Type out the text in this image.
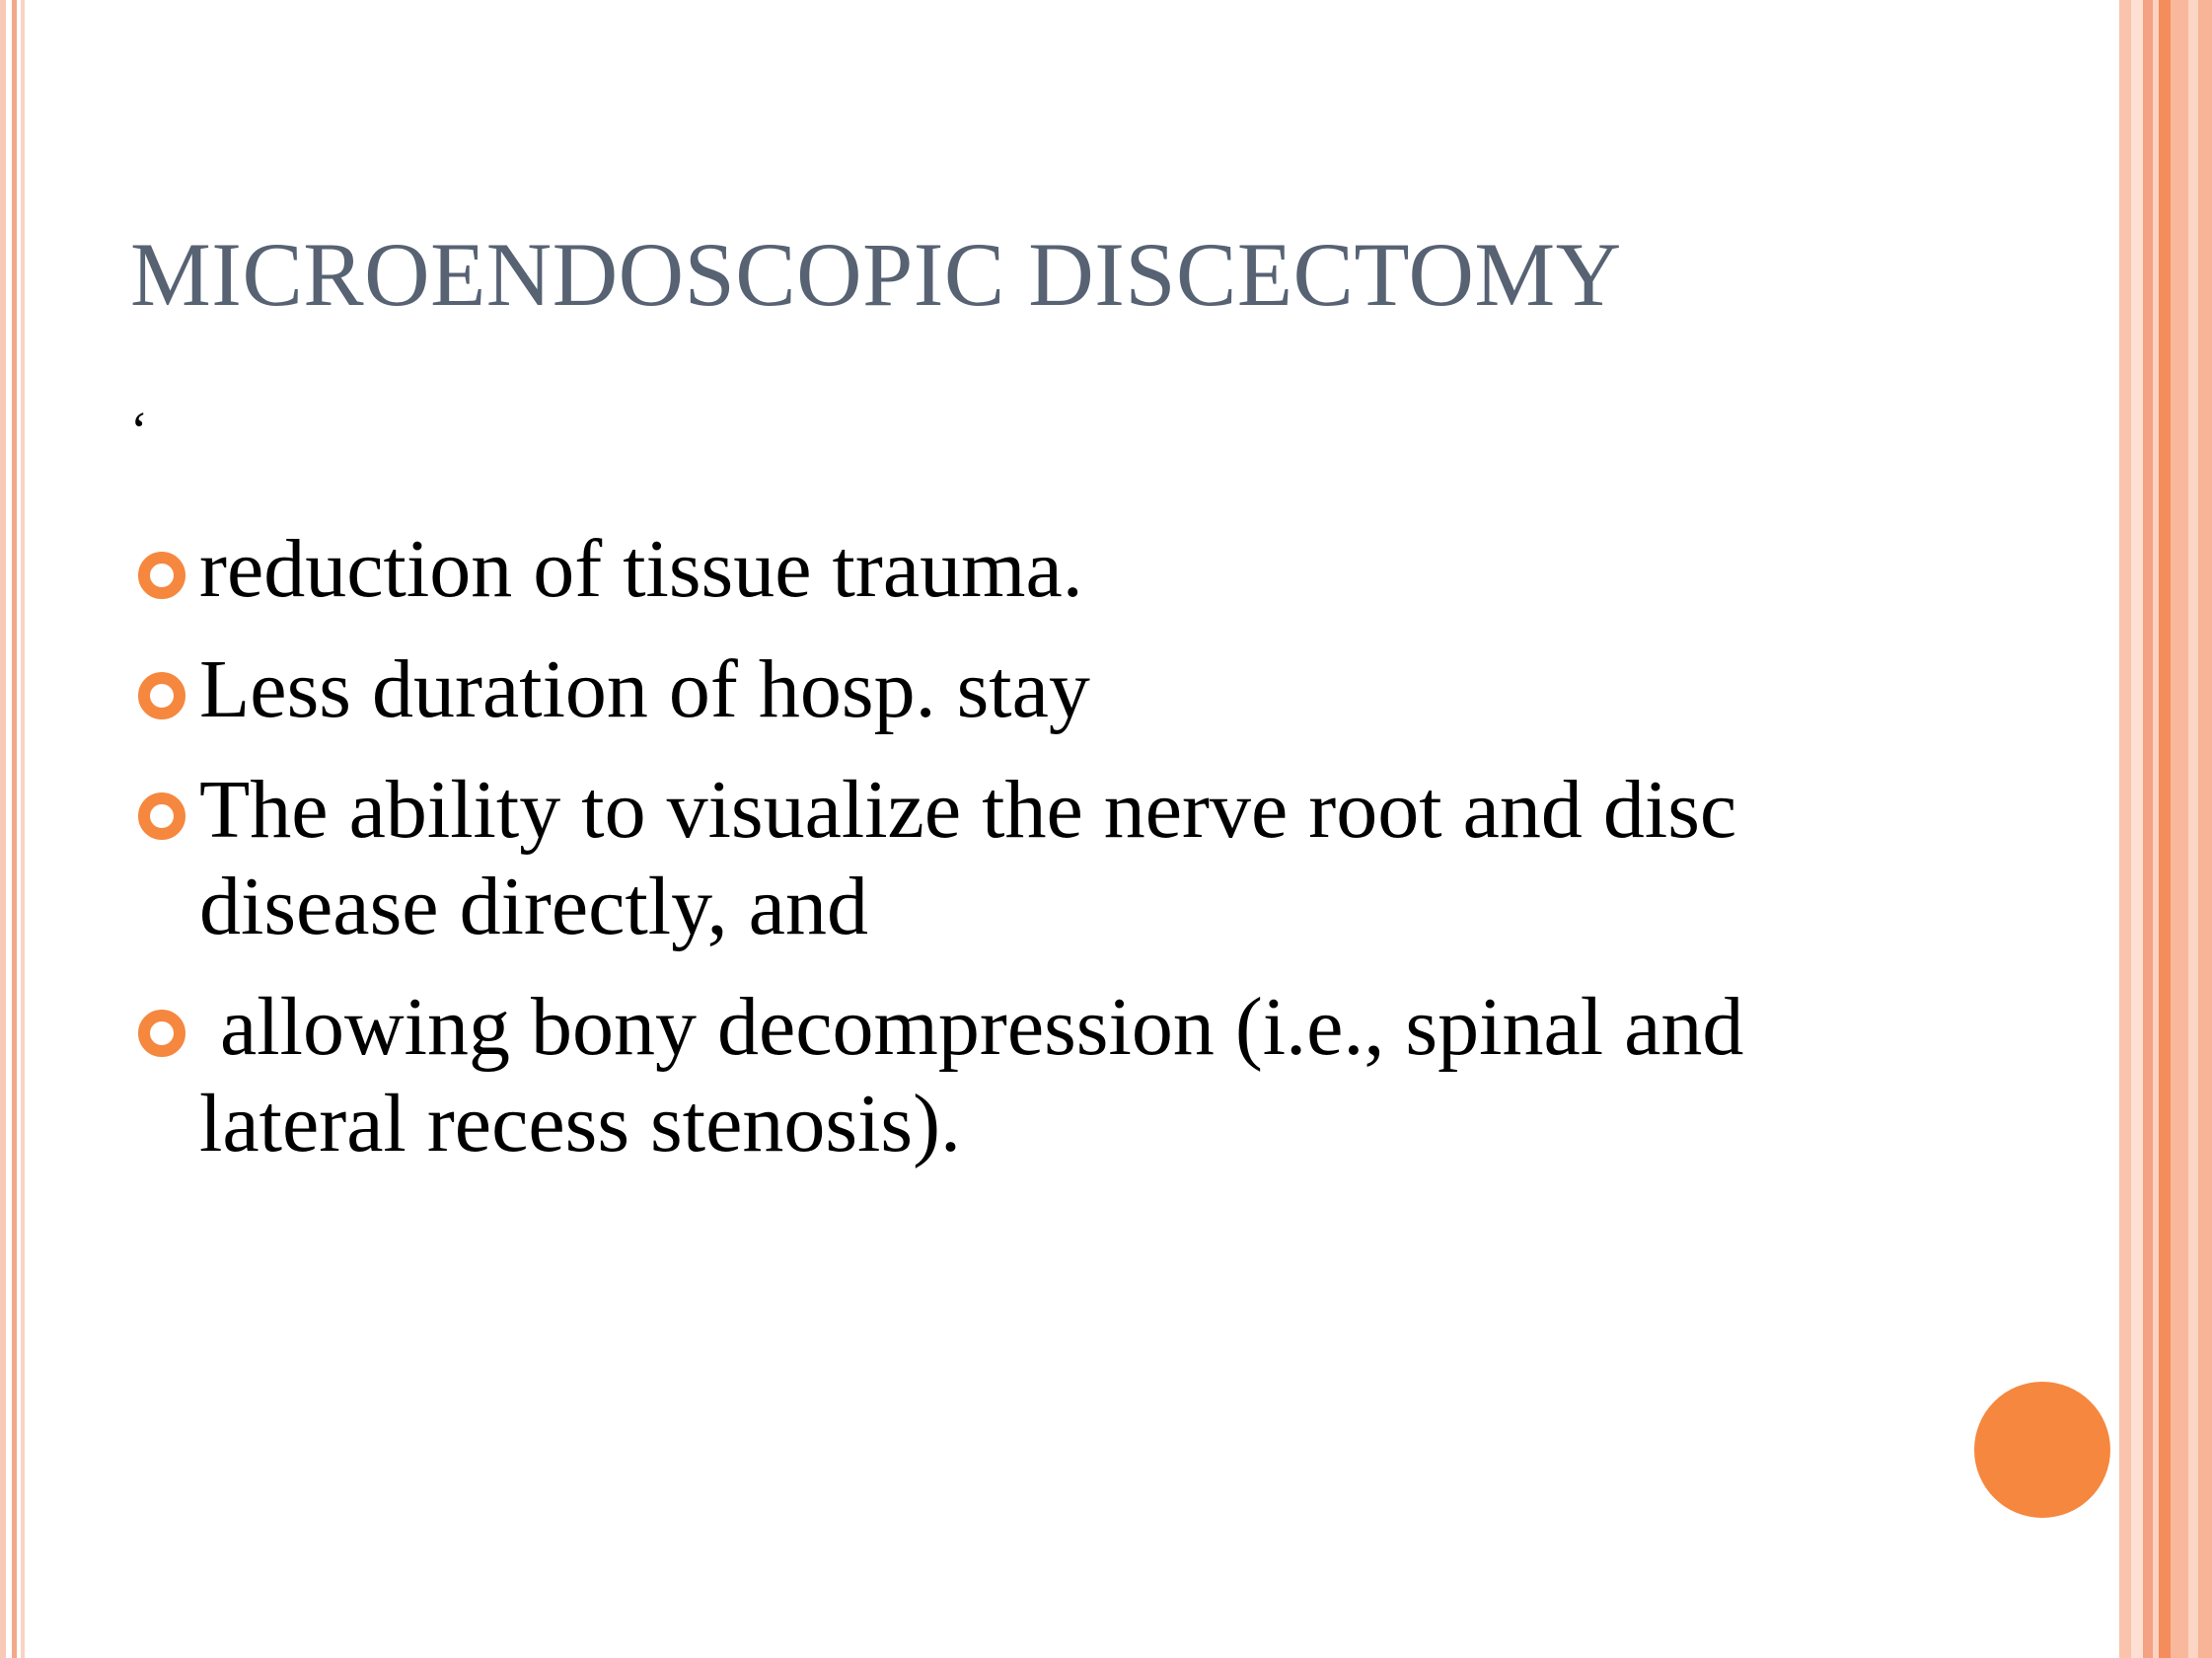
MICROENDOSCOPIC DISCECTOMY
‘
reduction of tissue trauma.
Less duration of hosp. stay
The ability to visualize the nerve root and disc disease directly, and
allowing bony decompression (i.e., spinal and lateral recess stenosis).
